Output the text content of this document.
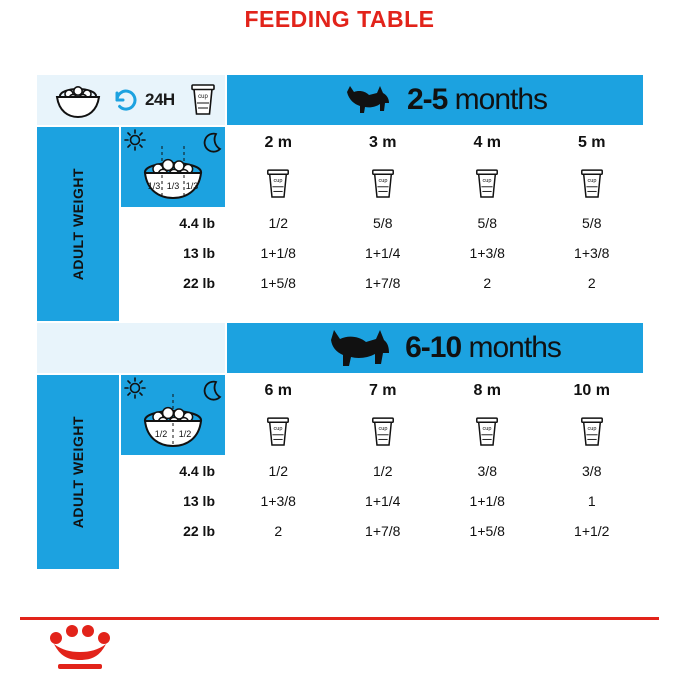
FEEDING TABLE
24H	cup	2-5 months
ADULT WEIGHT	1/3 1/3 1/3
2 m	3 m	4 m	5 m
cup	cup	cup	cup
4.4 lb	1/2	5/8	5/8	5/8
13 lb	1+1/8	1+1/4	1+3/8	1+3/8
22 lb	1+5/8	1+7/8	2	2
6-10 months
ADULT WEIGHT	1/2 1/2
6 m	7 m	8 m	10 m
cup	cup	cup	cup
4.4 lb	1/2	1/2	3/8	3/8
13 lb	1+3/8	1+1/4	1+1/8	1
22 lb	2	1+7/8	1+5/8	1+1/2
